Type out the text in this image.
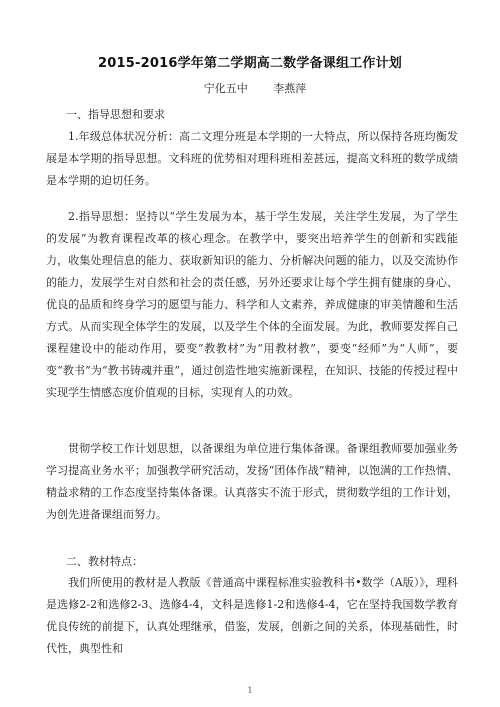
2015-2016学年第二学期高二数学备课组工作计划
宁化五中 李燕萍
一、指导思想和要求

1.年级总体状况分析：高二文理分班是本学期的一大特点，所以保持各班均衡发展是本学期的指导思想。文科班的优势相对理科班相差甚远，提高文科班的数学成绩是本学期的迫切任务。

2.指导思想：坚持以“学生发展为本，基于学生发展，关注学生发展，为了学生的发展”为教育课程改革的核心理念。在教学中，要突出培养学生的创新和实践能力，收集处理信息的能力、获取新知识的能力、分析解决问题的能力，以及交流协作的能力，发展学生对自然和社会的责任感，另外还要求让每个学生拥有健康的身心、优良的品质和终身学习的愿望与能力、科学和人文素养，养成健康的审美情趣和生活方式。从而实现全体学生的发展，以及学生个体的全面发展。为此，教师要发挥自己课程建设中的能动作用，要变“教教材”为“用教材教”，要变“经师”为“人师”，要变“教书”为“教书铸魂并重”，通过创造性地实施新课程，在知识、技能的传授过程中实现学生情感态度价值观的目标，实现育人的功效。

贯彻学校工作计划思想，以备课组为单位进行集体备课。备课组教师要加强业务学习提高业务水平；加强教学研究活动，发扬“团体作战”精神，以饱满的工作热情、精益求精的工作态度坚持集体备课。认真落实不流于形式，贯彻数学组的工作计划，为创先进备课组而努力。

二、教材特点：

我们所使用的教材是人教版《普通高中课程标准实验教科书•数学（A版）》，理科是选修2-2和选修2-3、选修4-4，文科是选修1-2和选修4-4，它在坚持我国数学教育优良传统的前提下，认真处理继承，借鉴，发展，创新之间的关系，体现基础性，时代性，典型性和

1
